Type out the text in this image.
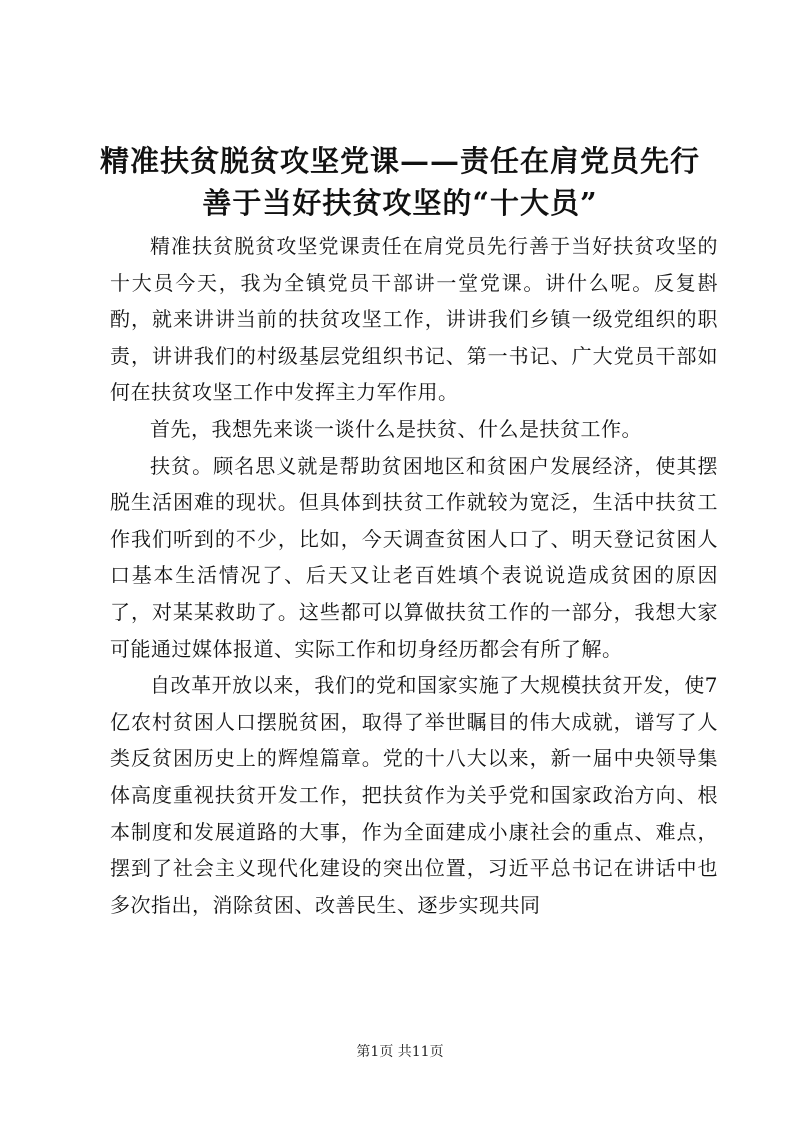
精准扶贫脱贫攻坚党课——责任在肩党员先行
善于当好扶贫攻坚的“十大员”

精准扶贫脱贫攻坚党课责任在肩党员先行善于当好扶贫攻坚的十大员今天，我为全镇党员干部讲一堂党课。讲什么呢。反复斟酌，就来讲讲当前的扶贫攻坚工作，讲讲我们乡镇一级党组织的职责，讲讲我们的村级基层党组织书记、第一书记、广大党员干部如何在扶贫攻坚工作中发挥主力军作用。

首先，我想先来谈一谈什么是扶贫、什么是扶贫工作。

扶贫。顾名思义就是帮助贫困地区和贫困户发展经济，使其摆脱生活困难的现状。但具体到扶贫工作就较为宽泛，生活中扶贫工作我们听到的不少，比如，今天调查贫困人口了、明天登记贫困人口基本生活情况了、后天又让老百姓填个表说说造成贫困的原因了，对某某救助了。这些都可以算做扶贫工作的一部分，我想大家可能通过媒体报道、实际工作和切身经历都会有所了解。

自改革开放以来，我们的党和国家实施了大规模扶贫开发，使7亿农村贫困人口摆脱贫困，取得了举世瞩目的伟大成就，谱写了人类反贫困历史上的辉煌篇章。党的十八大以来，新一届中央领导集体高度重视扶贫开发工作，把扶贫作为关乎党和国家政治方向、根本制度和发展道路的大事，作为全面建成小康社会的重点、难点，摆到了社会主义现代化建设的突出位置，习近平总书记在讲话中也多次指出，消除贫困、改善民生、逐步实现共同

第1页 共11页
